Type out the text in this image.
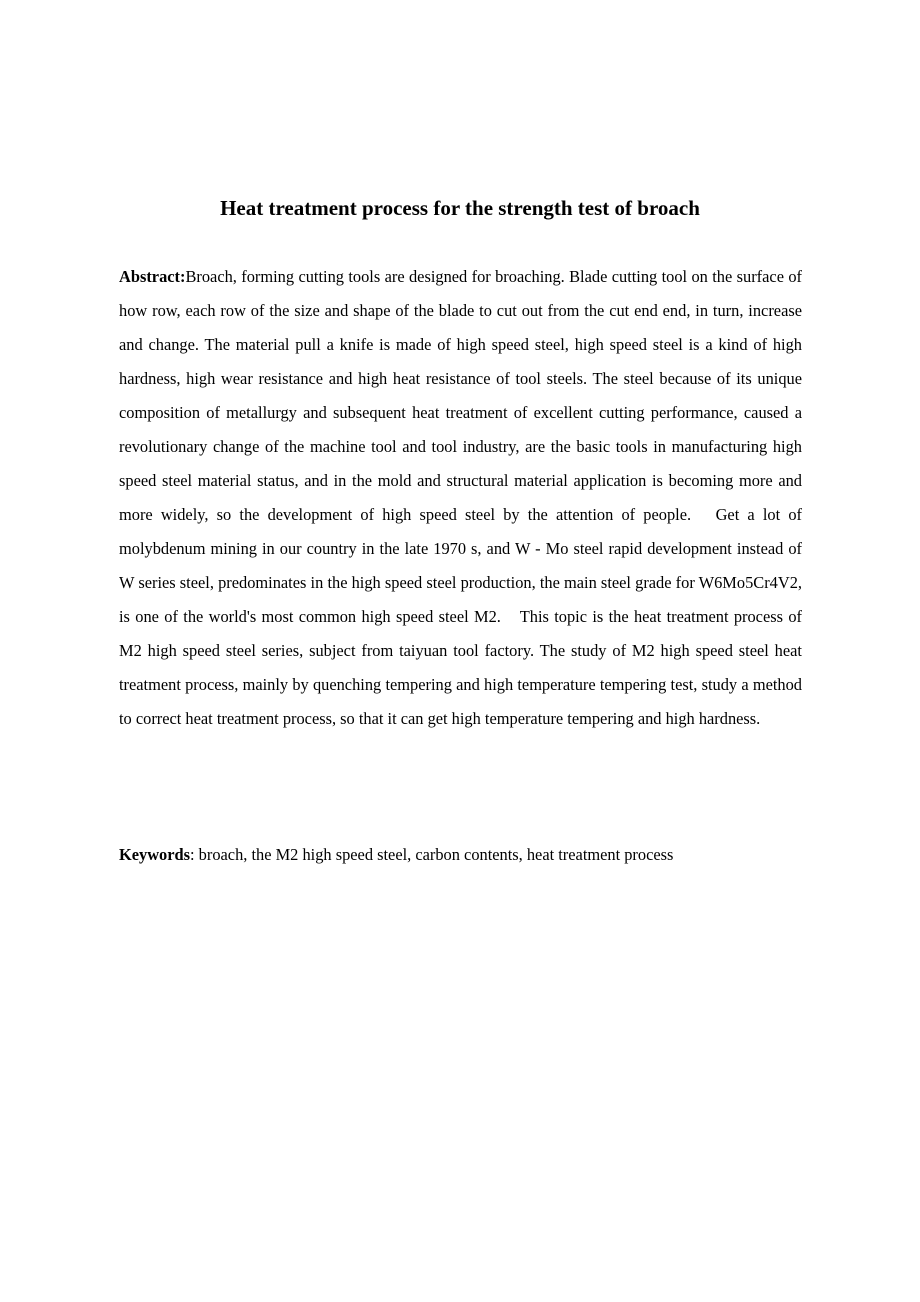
Heat treatment process for the strength test of broach

Abstract:Broach, forming cutting tools are designed for broaching. Blade cutting tool on the surface of how row, each row of the size and shape of the blade to cut out from the cut end end, in turn, increase and change. The material pull a knife is made of high speed steel, high speed steel is a kind of high hardness, high wear resistance and high heat resistance of tool steels. The steel because of its unique composition of metallurgy and subsequent heat treatment of excellent cutting performance, caused a revolutionary change of the machine tool and tool industry, are the basic tools in manufacturing high speed steel material status, and in the mold and structural material application is becoming more and more widely, so the development of high speed steel by the attention of people.　Get a lot of molybdenum mining in our country in the late 1970 s, and W - Mo steel rapid development instead of W series steel, predominates in the high speed steel production, the main steel grade for W6Mo5Cr4V2, is one of the world's most common high speed steel M2.　This topic is the heat treatment process of M2 high speed steel series, subject from taiyuan tool factory. The study of M2 high speed steel heat treatment process, mainly by quenching tempering and high temperature tempering test, study a method to correct heat treatment process, so that it can get high temperature tempering and high hardness.

Keywords: broach, the M2 high speed steel, carbon contents, heat treatment process
